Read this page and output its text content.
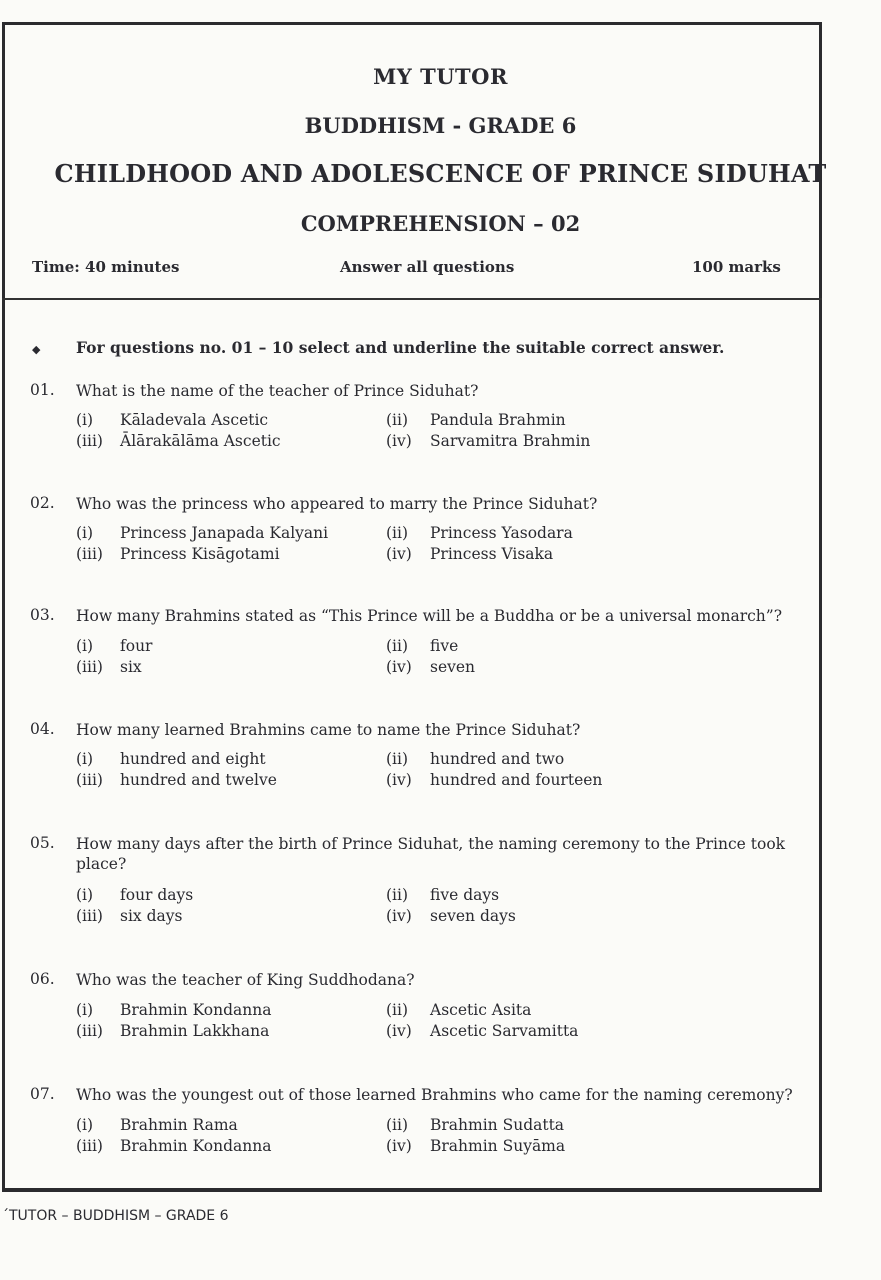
MY TUTOR
BUDDHISM - GRADE 6
CHILDHOOD AND ADOLESCENCE OF PRINCE SIDUHAT
COMPREHENSION – 02
Time: 40 minutes	Answer all questions	100 marks
◆ For questions no. 01 – 10 select and underline the suitable correct answer.
01. What is the name of the teacher of Prince Siduhat?
(i) Kāladevala Ascetic	(ii) Pandula Brahmin
(iii) Ālārakālāma Ascetic	(iv) Sarvamitra Brahmin
02. Who was the princess who appeared to marry the Prince Siduhat?
(i) Princess Janapada Kalyani	(ii) Princess Yasodara
(iii) Princess Kisāgotami	(iv) Princess Visaka
03. How many Brahmins stated as “This Prince will be a Buddha or be a universal monarch”?
(i) four	(ii) five
(iii) six	(iv) seven
04. How many learned Brahmins came to name the Prince Siduhat?
(i) hundred and eight	(ii) hundred and two
(iii) hundred and twelve	(iv) hundred and fourteen
05. How many days after the birth of Prince Siduhat, the naming ceremony to the Prince took place?
(i) four days	(ii) five days
(iii) six days	(iv) seven days
06. Who was the teacher of King Suddhodana?
(i) Brahmin Kondanna	(ii) Ascetic Asita
(iii) Brahmin Lakkhana	(iv) Ascetic Sarvamitta
07. Who was the youngest out of those learned Brahmins who came for the naming ceremony?
(i) Brahmin Rama	(ii) Brahmin Sudatta
(iii) Brahmin Kondanna	(iv) Brahmin Suyāma
´TUTOR – BUDDHISM – GRADE 6
